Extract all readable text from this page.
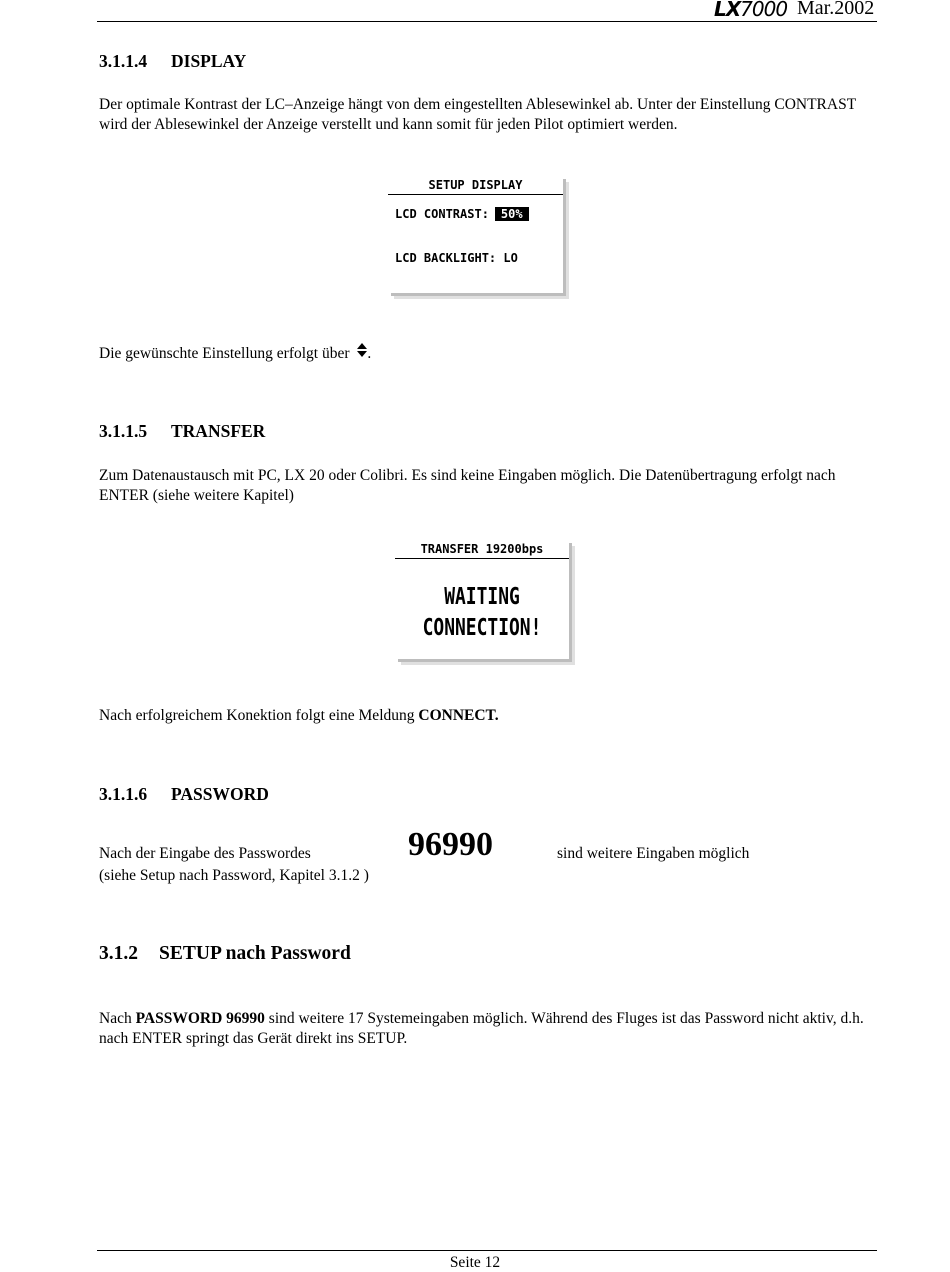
LX7000 Mar.2002
3.1.1.4 DISPLAY
Der optimale Kontrast der LC–Anzeige hängt von dem eingestellten Ablesewinkel ab. Unter der Einstellung CONTRAST wird der Ablesewinkel der Anzeige verstellt und kann somit für jeden Pilot optimiert werden.
SETUP DISPLAY
LCD CONTRAST: 50%
LCD BACKLIGHT: LO
Die gewünschte Einstellung erfolgt über .
3.1.1.5 TRANSFER
Zum Datenaustausch mit PC, LX 20 oder Colibri. Es sind keine Eingaben möglich. Die Datenübertragung erfolgt nach ENTER (siehe weitere Kapitel)
TRANSFER 19200bps
WAITING
CONNECTION!
Nach erfolgreichem Konektion folgt eine Meldung CONNECT.
3.1.1.6 PASSWORD
Nach der Eingabe des Passwordes	96990	sind weitere Eingaben möglich
(siehe Setup nach Password, Kapitel 3.1.2 )
3.1.2 SETUP nach Password
Nach PASSWORD 96990 sind weitere 17 Systemeingaben möglich. Während des Fluges ist das Password nicht aktiv, d.h. nach ENTER springt das Gerät direkt ins SETUP.
Seite 12
